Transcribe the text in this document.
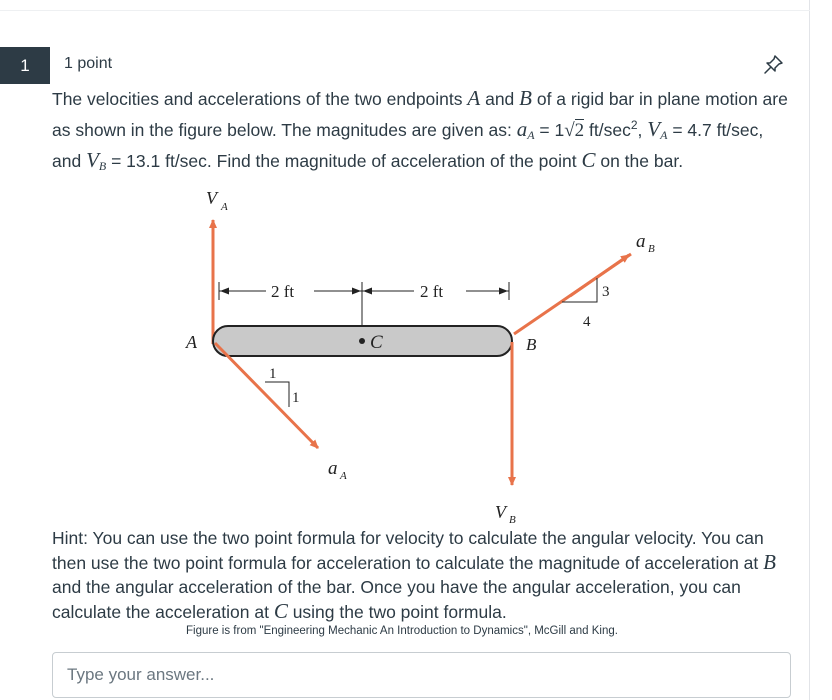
1	1 point
The velocities and accelerations of the two endpoints A and B of a rigid bar in plane motion are as shown in the figure below. The magnitudes are given as: $a_A = 1√2$ $ft/\sec^2$, $V_A = 4.7$ ft/sec, and $V_B = 13.1$ ft/sec. Find the magnitude of acceleration of the point C on the bar.
V A
2 ft	2 ft
a B
3
4
A	C	B
1
1
a A
V B
Hint: You can use the two point formula for velocity to calculate the angular velocity. You can then use the two point formula for acceleration to calculate the magnitude of acceleration at B and the angular acceleration of the bar. Once you have the angular acceleration, you can calculate the acceleration at C using the two point formula.
Figure is from "Engineering Mechanic An Introduction to Dynamics", McGill and King.
Type your answer...
